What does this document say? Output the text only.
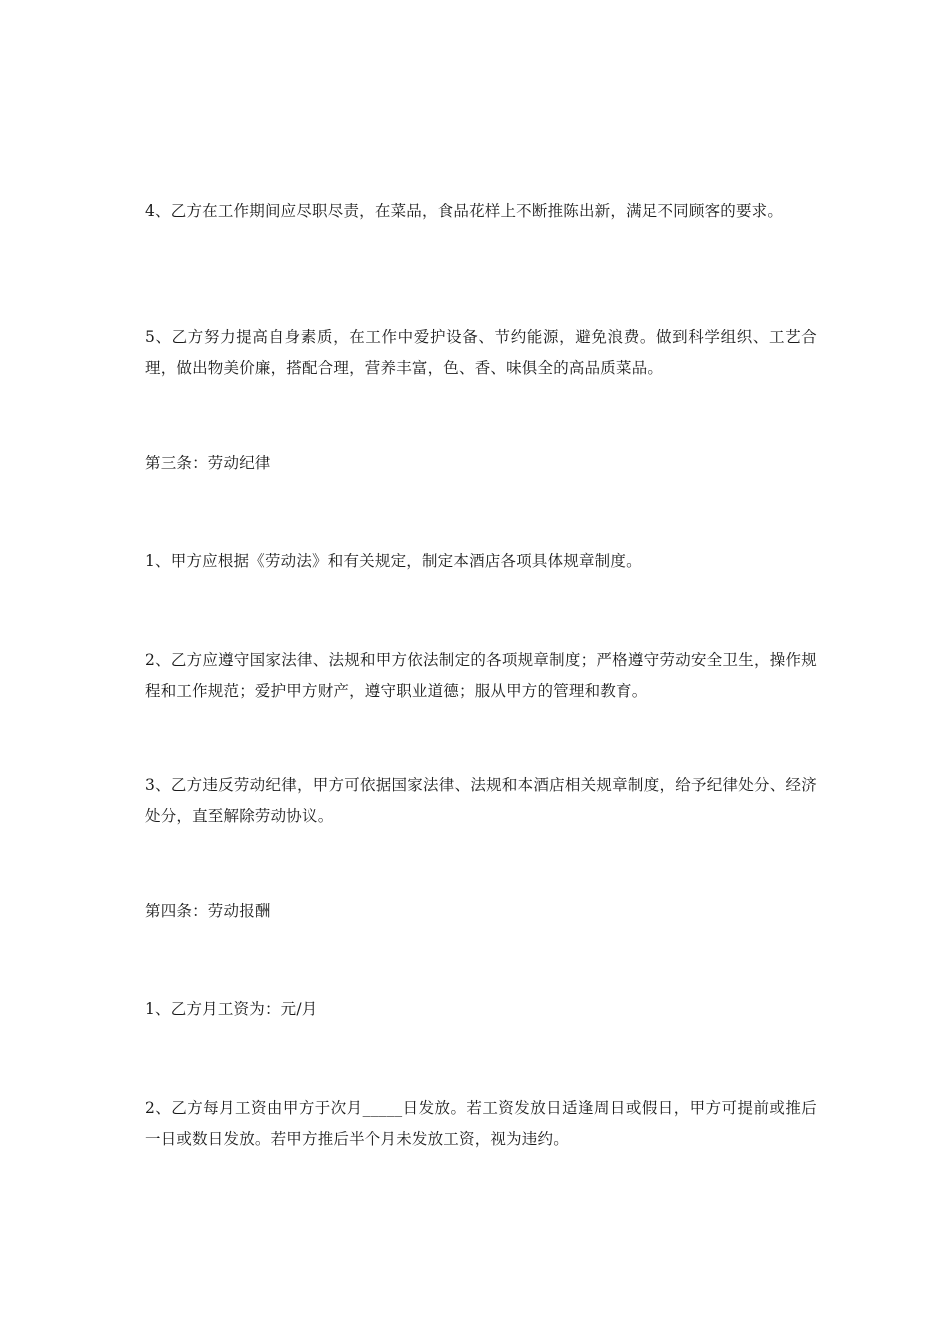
4、乙方在工作期间应尽职尽责，在菜品，食品花样上不断推陈出新，满足不同顾客的要求。

5、乙方努力提高自身素质，在工作中爱护设备、节约能源，避免浪费。做到科学组织、工艺合理，做出物美价廉，搭配合理，营养丰富，色、香、味俱全的高品质菜品。

第三条：劳动纪律

1、甲方应根据《劳动法》和有关规定，制定本酒店各项具体规章制度。

2、乙方应遵守国家法律、法规和甲方依法制定的各项规章制度；严格遵守劳动安全卫生，操作规程和工作规范；爱护甲方财产，遵守职业道德；服从甲方的管理和教育。

3、乙方违反劳动纪律，甲方可依据国家法律、法规和本酒店相关规章制度，给予纪律处分、经济处分，直至解除劳动协议。

第四条：劳动报酬

1、乙方月工资为：元/月

2、乙方每月工资由甲方于次月_____日发放。若工资发放日适逢周日或假日，甲方可提前或推后一日或数日发放。若甲方推后半个月未发放工资，视为违约。
